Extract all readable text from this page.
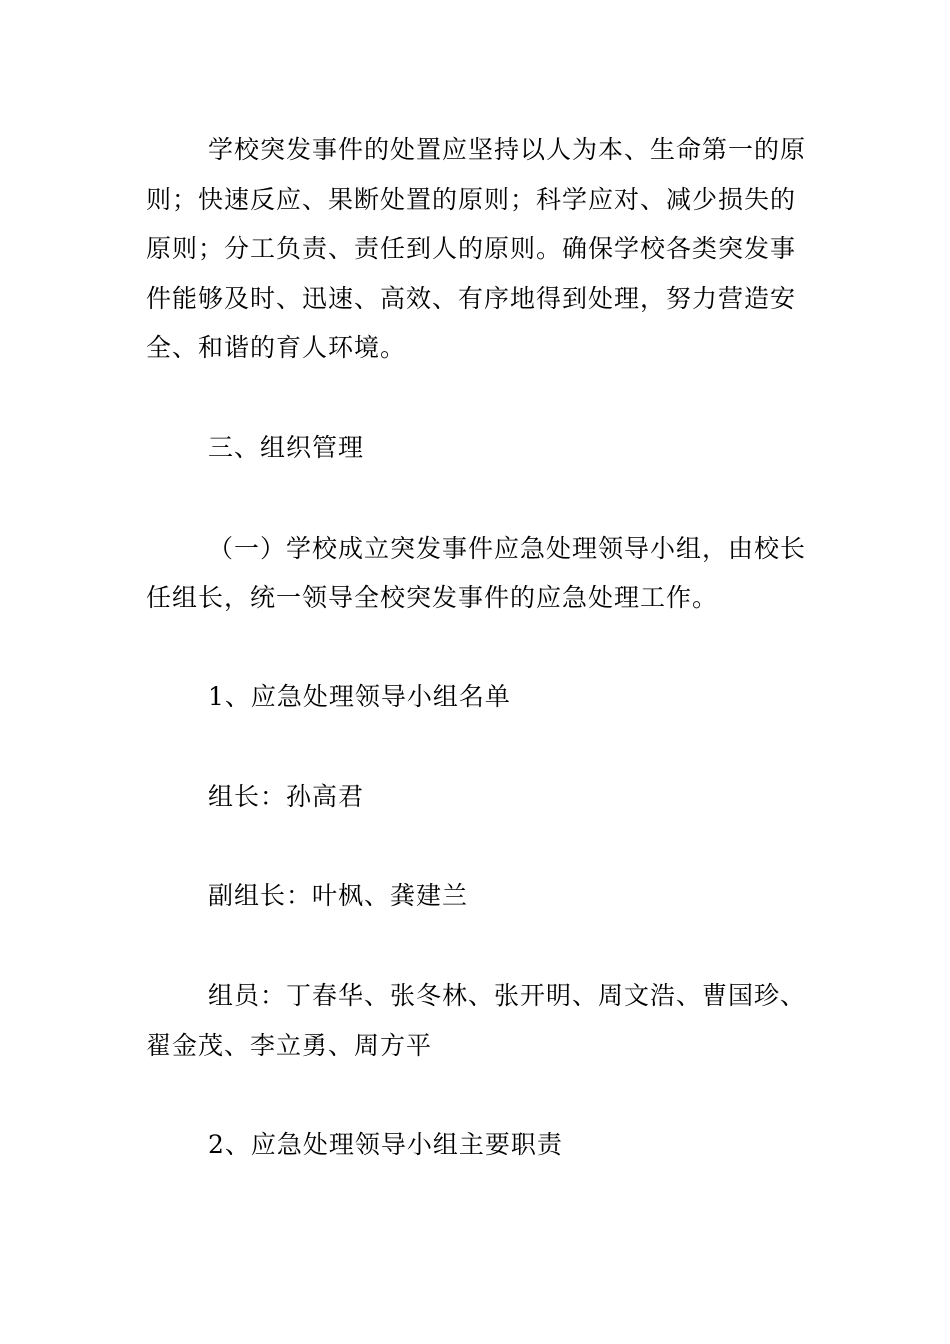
学校突发事件的处置应坚持以人为本、生命第一的原
则；快速反应、果断处置的原则；科学应对、减少损失的
原则；分工负责、责任到人的原则。确保学校各类突发事
件能够及时、迅速、高效、有序地得到处理，努力营造安
全、和谐的育人环境。
三、组织管理
（一）学校成立突发事件应急处理领导小组，由校长
任组长，统一领导全校突发事件的应急处理工作。
1、应急处理领导小组名单
组长：孙高君
副组长：叶枫、龚建兰
组员：丁春华、张冬林、张开明、周文浩、曹国珍、
翟金茂、李立勇、周方平
2、应急处理领导小组主要职责
